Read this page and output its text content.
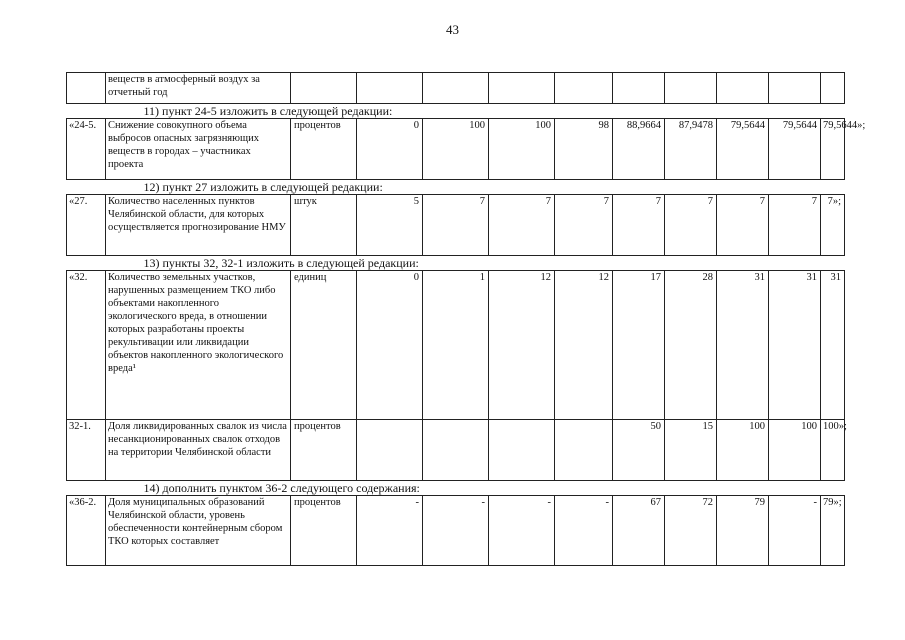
43
	веществ в атмосферный воздух за отчетный год										
	11) пункт 24-5 изложить в следующей редакции:										
«24-5.	Снижение совокупного объема выбросов опасных загрязняющих веществ в городах – участниках проекта	процентов	0	100	100	98	88,9664	87,9478	79,5644	79,5644	79,5644»;
	12) пункт 27 изложить в следующей редакции:										
«27.	Количество населенных пунктов Челябинской области, для которых осуществляется прогнозирование НМУ	штук	5	7	7	7	7	7	7	7	7»;
	13) пункты 32, 32-1 изложить в следующей редакции:										
«32.	Количество земельных участков, нарушенных размещением ТКО либо объектами накопленного экологического вреда, в отношении которых разработаны проекты рекультивации или ликвидации объектов накопленного экологического вреда¹	единиц	0	1	12	12	17	28	31	31	31
32-1.	Доля ликвидированных свалок из числа несанкционированных свалок отходов на территории Челябинской области	процентов					50	15	100	100	100»;
	14) дополнить пунктом 36-2 следующего содержания:										
«36-2.	Доля муниципальных образований Челябинской области, уровень обеспеченности контейнерным сбором ТКО которых составляет	процентов	-	-	-	-	67	72	79	-	79»;
